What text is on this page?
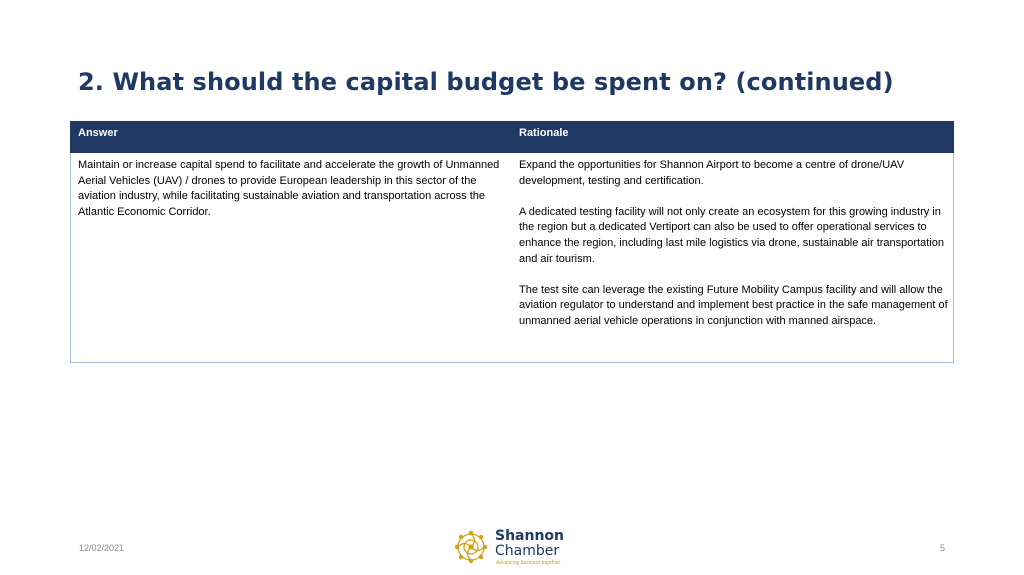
2. What should the capital budget be spent on? (continued)
Answer	Rationale

Maintain or increase capital spend to facilitate and accelerate the growth of Unmanned Aerial Vehicles (UAV) / drones to provide European leadership in this sector of the aviation industry, while facilitating sustainable aviation and transportation across the Atlantic Economic Corridor.

Expand the opportunities for Shannon Airport to become a centre of drone/UAV development, testing and certification.

A dedicated testing facility will not only create an ecosystem for this growing industry in the region but a dedicated Vertiport can also be used to offer operational services to enhance the region, including last mile logistics via drone, sustainable air transportation and air tourism.

The test site can leverage the existing Future Mobility Campus facility and will allow the aviation regulator to understand and implement best practice in the safe management of unmanned aerial vehicle operations in conjunction with manned airspace.

12/02/2021	5
Shannon
Chamber
Advancing business together
